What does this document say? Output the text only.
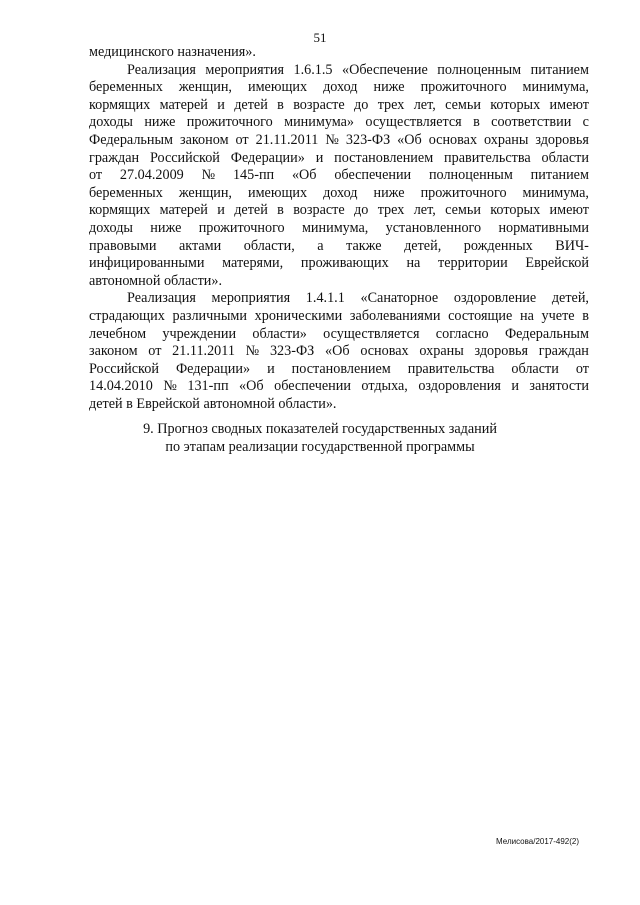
51
медицинского назначения».
Реализация мероприятия 1.6.1.5 «Обеспечение полноценным питанием
беременных женщин, имеющих доход ниже прожиточного минимума,
кормящих матерей и детей в возрасте до трех лет, семьи которых имеют
доходы ниже прожиточного минимума» осуществляется в соответствии с
Федеральным законом от 21.11.2011 № 323-ФЗ «Об основах охраны здоровья
граждан Российской Федерации» и постановлением правительства области
от 27.04.2009 № 145-пп «Об обеспечении полноценным питанием
беременных женщин, имеющих доход ниже прожиточного минимума,
кормящих матерей и детей в возрасте до трех лет, семьи которых имеют
доходы ниже прожиточного минимума, установленного нормативными
правовыми актами области, а также детей, рожденных ВИЧ-
инфицированными матерями, проживающих на территории Еврейской
автономной области».
Реализация мероприятия 1.4.1.1 «Санаторное оздоровление детей,
страдающих различными хроническими заболеваниями состоящие на учете в
лечебном учреждении области» осуществляется согласно Федеральным
законом от 21.11.2011 № 323-ФЗ «Об основах охраны здоровья граждан
Российской Федерации» и постановлением правительства области от
14.04.2010 № 131-пп «Об обеспечении отдыха, оздоровления и занятости
детей в Еврейской автономной области».
9. Прогноз сводных показателей государственных заданий
по этапам реализации государственной программы
Мелисова/2017-492(2)
